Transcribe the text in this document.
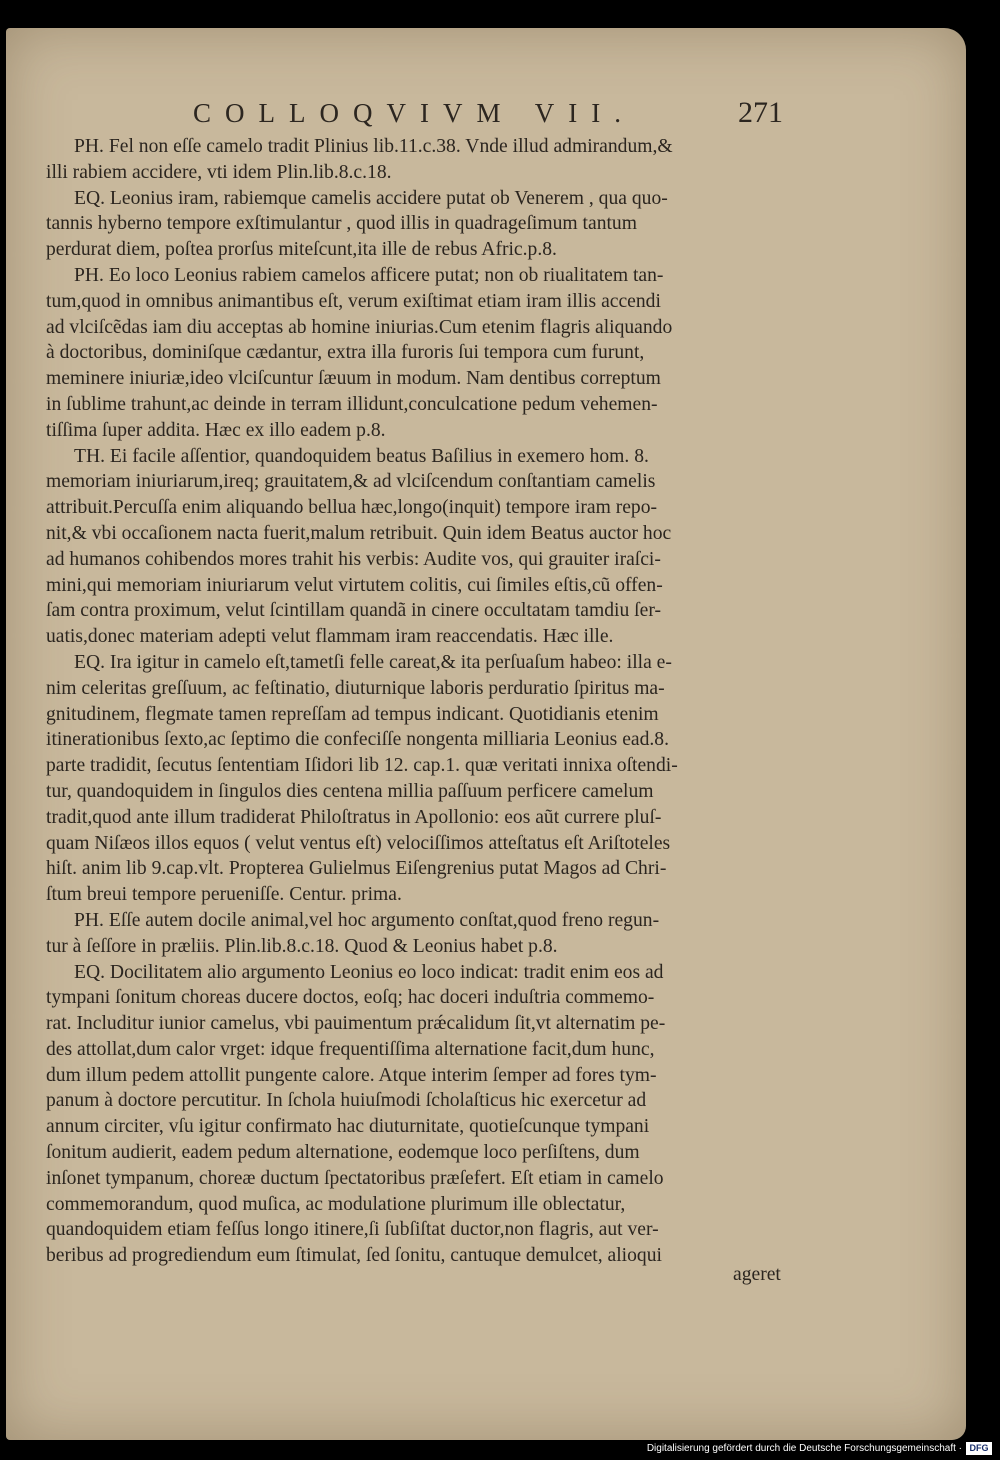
COLLOQVIVM VII.	271
PH. Fel non eſſe camelo tradit Plinius lib.11.c.38. Vnde illud admirandum,&
illi rabiem accidere, vti idem Plin.lib.8.c.18.
EQ. Leonius iram, rabiemque camelis accidere putat ob Venerem , qua quo-
tannis hyberno tempore exſtimulantur , quod illis in quadrageſimum tantum
perdurat diem, poſtea prorſus miteſcunt,ita ille de rebus Afric.p.8.
PH. Eo loco Leonius rabiem camelos afficere putat; non ob riualitatem tan-
tum,quod in omnibus animantibus eſt, verum exiſtimat etiam iram illis accendi
ad vlciſcẽdas iam diu acceptas ab homine iniurias.Cum etenim flagris aliquando
à doctoribus, dominiſque cædantur, extra illa furoris ſui tempora cum furunt,
meminere iniuriæ,ideo vlciſcuntur ſæuum in modum. Nam dentibus correptum
in ſublime trahunt,ac deinde in terram illidunt,conculcatione pedum vehemen-
tiſſima ſuper addita. Hæc ex illo eadem p.8.
TH. Ei facile aſſentior, quandoquidem beatus Baſilius in exemero hom. 8.
memoriam iniuriarum,ireq; grauitatem,& ad vlciſcendum conſtantiam camelis
attribuit.Percuſſa enim aliquando bellua hæc,longo(inquit) tempore iram repo-
nit,& vbi occaſionem nacta fuerit,malum retribuit. Quin idem Beatus auctor hoc
ad humanos cohibendos mores trahit his verbis: Audite vos, qui grauiter iraſci-
mini,qui memoriam iniuriarum velut virtutem colitis, cui ſimiles eſtis,cũ offen-
ſam contra proximum, velut ſcintillam quandã in cinere occultatam tamdiu ſer-
uatis,donec materiam adepti velut flammam iram reaccendatis. Hæc ille.
EQ. Ira igitur in camelo eſt,tametſi felle careat,& ita perſuaſum habeo: illa e-
nim celeritas greſſuum, ac feſtinatio, diuturnique laboris perduratio ſpiritus ma-
gnitudinem, flegmate tamen repreſſam ad tempus indicant. Quotidianis etenim
itinerationibus ſexto,ac ſeptimo die confeciſſe nongenta milliaria Leonius ead.8.
parte tradidit, ſecutus ſententiam Iſidori lib 12. cap.1. quæ veritati innixa oſtendi-
tur, quandoquidem in ſingulos dies centena millia paſſuum perficere camelum
tradit,quod ante illum tradiderat Philoſtratus in Apollonio: eos aũt currere pluſ-
quam Niſæos illos equos ( velut ventus eſt) velociſſimos atteſtatus eſt Ariſtoteles
hiſt. anim lib 9.cap.vlt. Propterea Gulielmus Eiſengrenius putat Magos ad Chri-
ſtum breui tempore perueniſſe. Centur. prima.
PH. Eſſe autem docile animal,vel hoc argumento conſtat,quod freno regun-
tur à ſeſſore in præliis. Plin.lib.8.c.18. Quod & Leonius habet p.8.
EQ. Docilitatem alio argumento Leonius eo loco indicat: tradit enim eos ad
tympani ſonitum choreas ducere doctos, eoſq; hac doceri induſtria commemo-
rat. Includitur iunior camelus, vbi pauimentum prǽcalidum ſit,vt alternatim pe-
des attollat,dum calor vrget: idque frequentiſſima alternatione facit,dum hunc,
dum illum pedem attollit pungente calore. Atque interim ſemper ad fores tym-
panum à doctore percutitur. In ſchola huiuſmodi ſcholaſticus hic exercetur ad
annum circiter, vſu igitur confirmato hac diuturnitate, quotieſcunque tympani
ſonitum audierit, eadem pedum alternatione, eodemque loco perſiſtens, dum
inſonet tympanum, choreæ ductum ſpectatoribus præſefert. Eſt etiam in camelo
commemorandum, quod muſica, ac modulatione plurimum ille oblectatur,
quandoquidem etiam feſſus longo itinere,ſi ſubſiſtat ductor,non flagris, aut ver-
beribus ad progrediendum eum ſtimulat, ſed ſonitu, cantuque demulcet, alioqui
ageret
Digitalisierung gefördert durch die Deutsche Forschungsgemeinschaft · DFG
